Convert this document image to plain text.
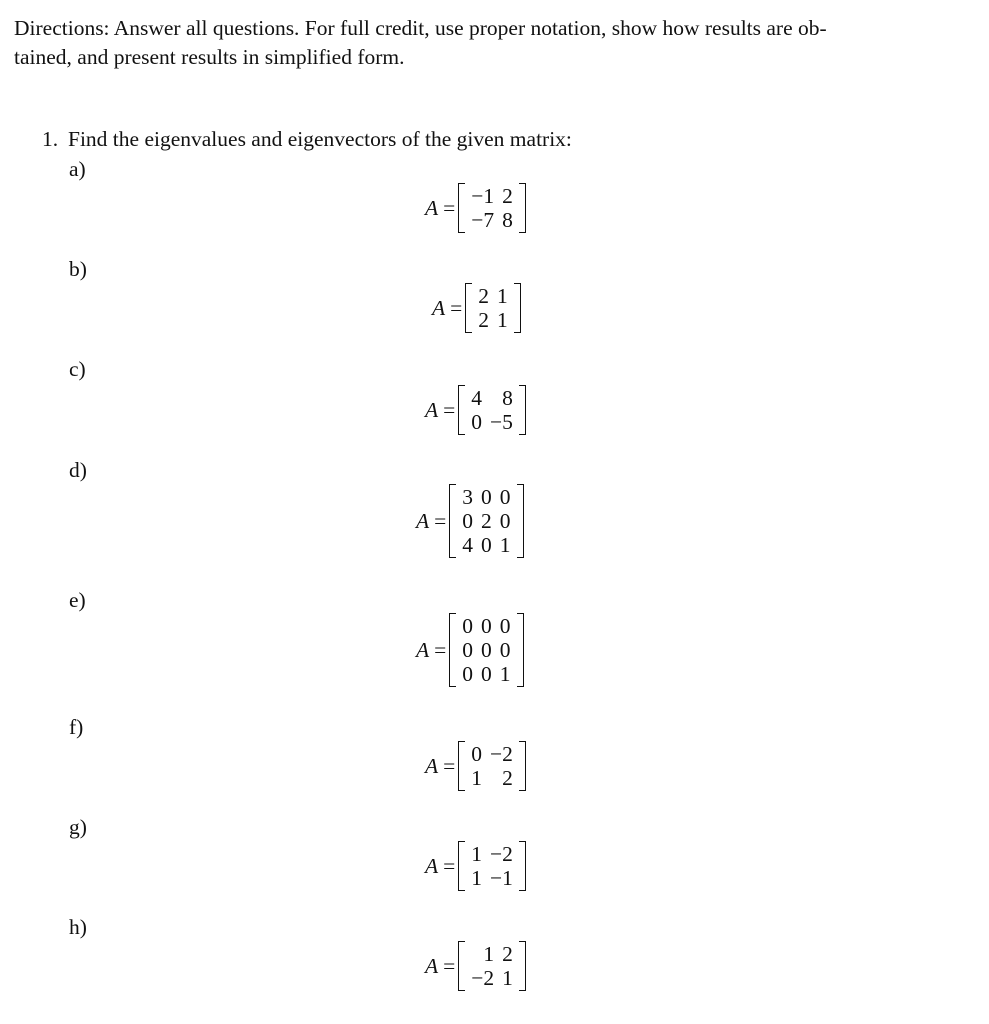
Directions: Answer all questions. For full credit, use proper notation, show how results are ob-
tained, and present results in simplified form.
1. Find the eigenvalues and eigenvectors of the given matrix:
a)
A = −1 2
−7 8
b)
A = 2 1
2 1
c)
A = 4 8
0 −5
d)
A =
3 0 0
0 2 0
4 0 1
e)
A =
0 0 0
0 0 0
0 0 1
f)
A = 0 −2
1 2
g)
A = 1 −2
1 −1
h)
A =	1 2
−2 1
